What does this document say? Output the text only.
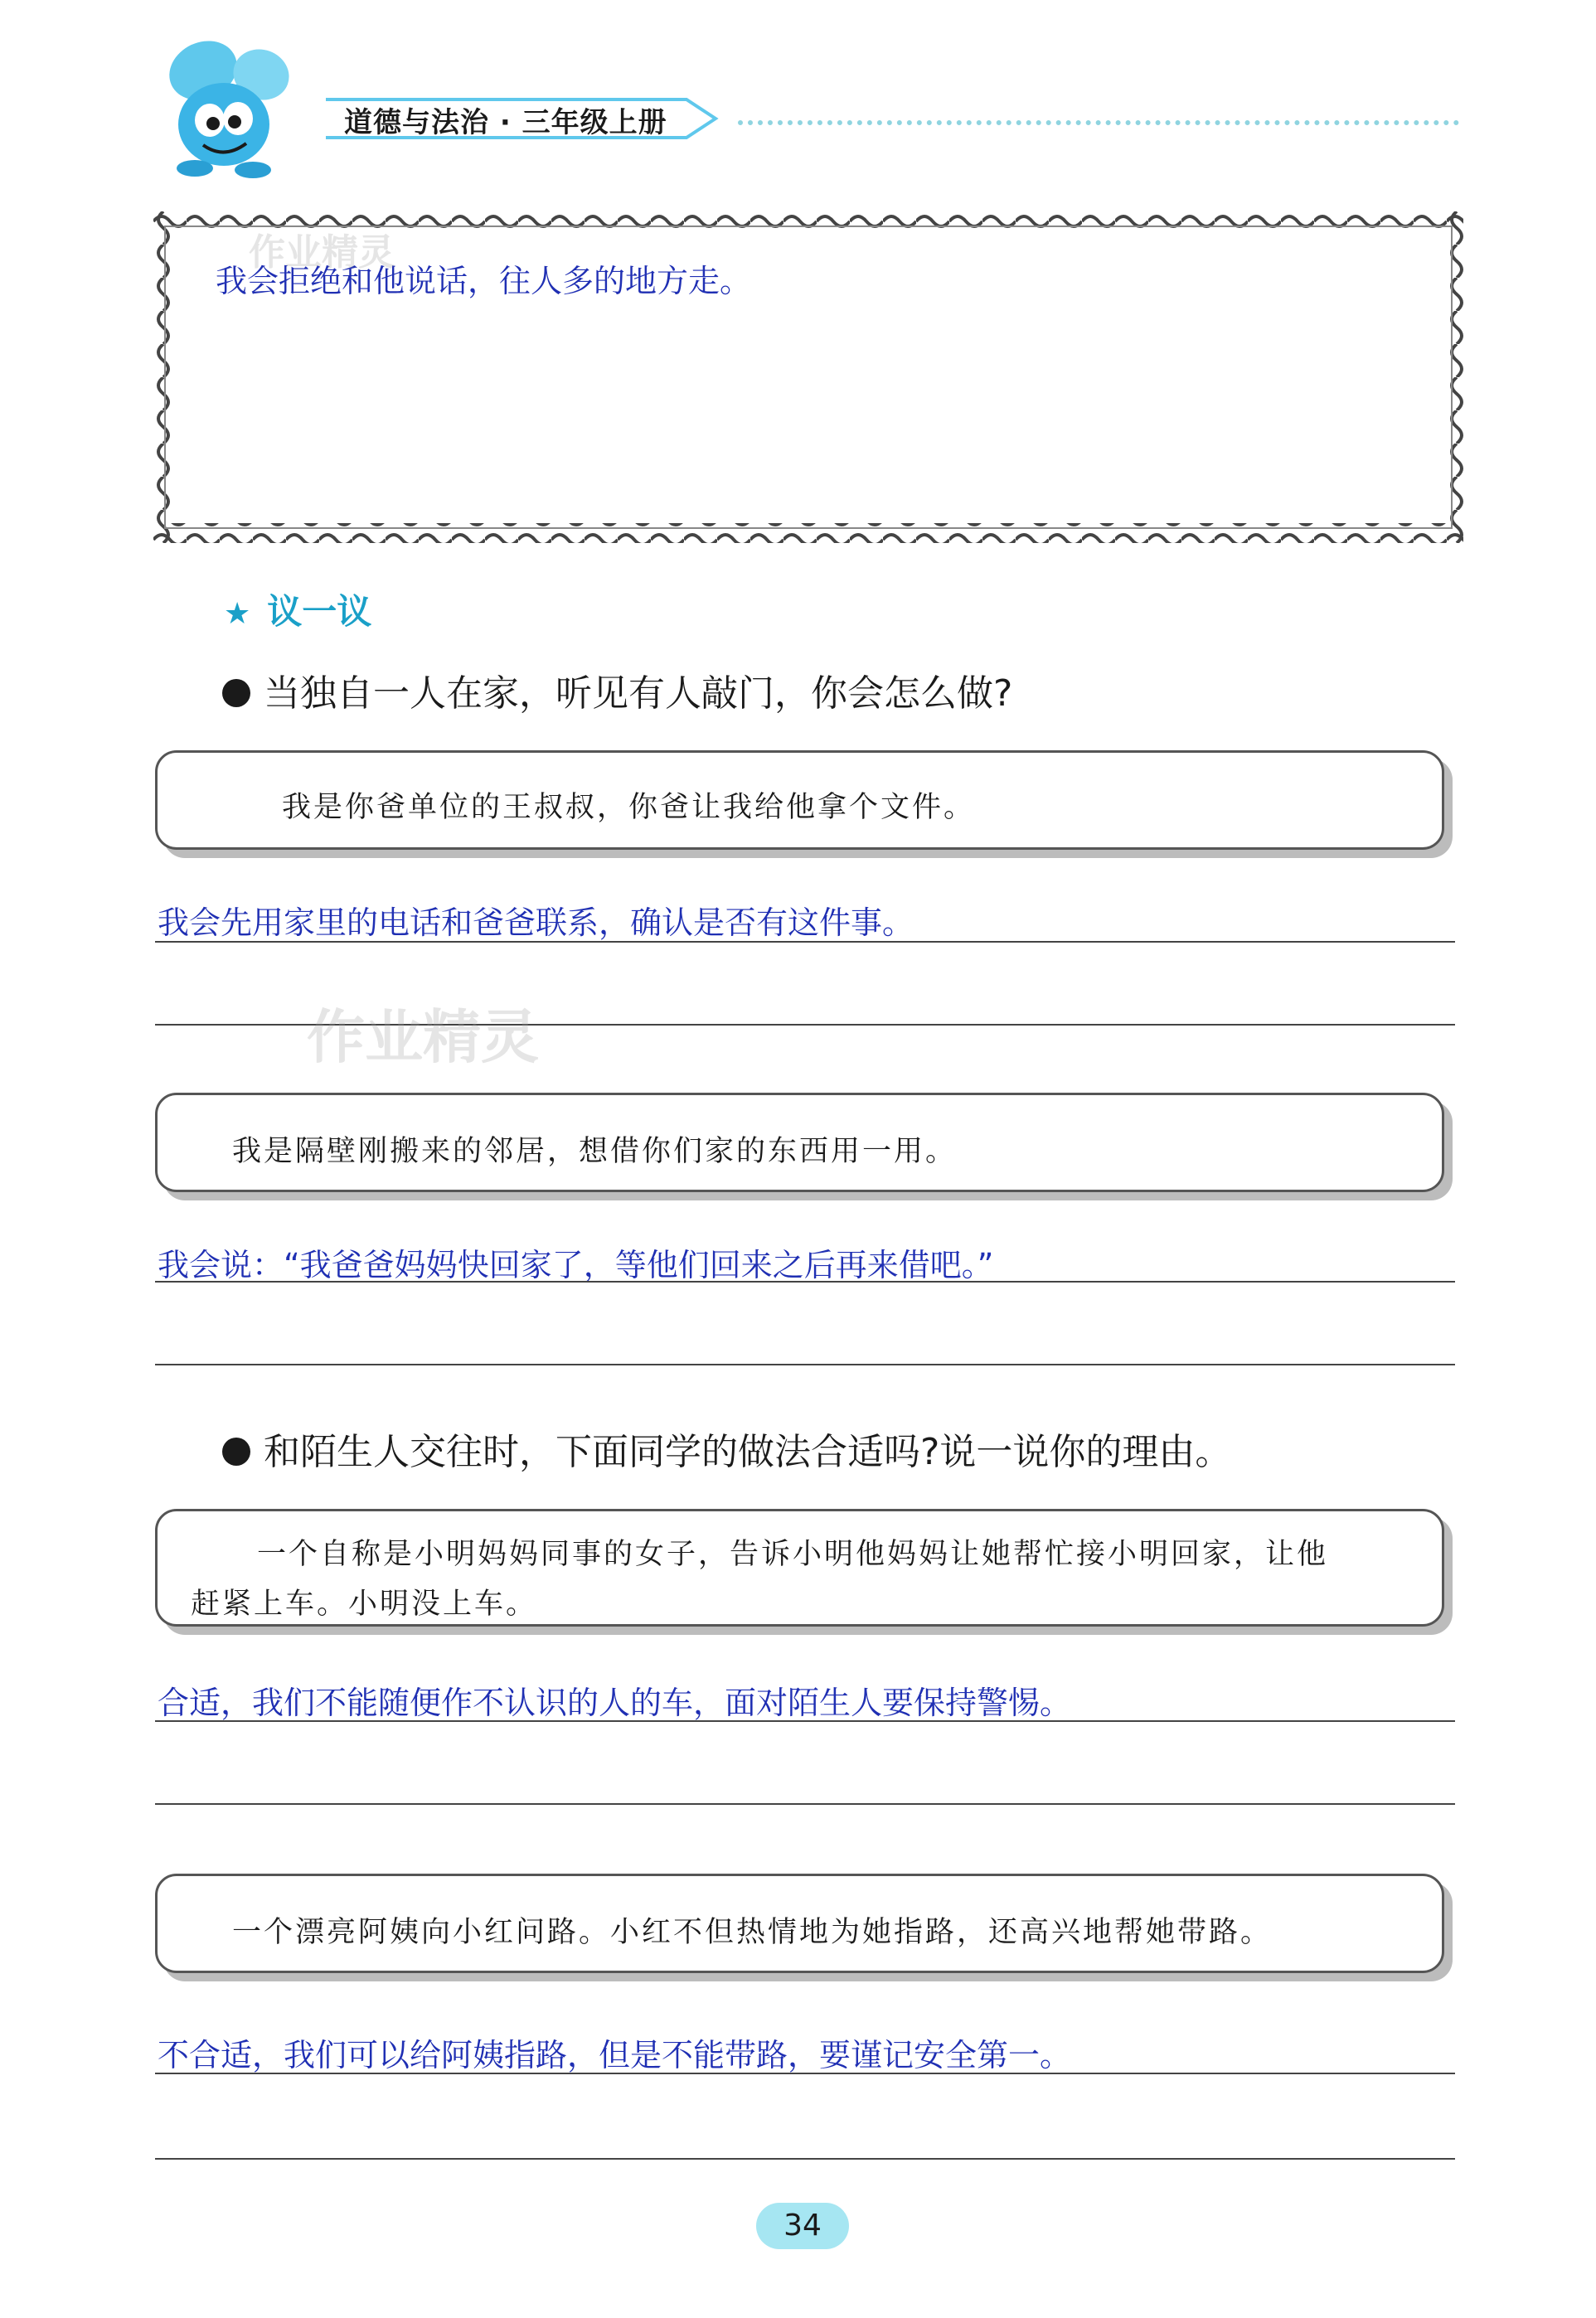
道德与法治 · 三年级上册
我会拒绝和他说话，往人多的地方走。
作业精灵
★ 议一议
当独自一人在家，听见有人敲门，你会怎么做?
我是你爸单位的王叔叔，你爸让我给他拿个文件。
我会先用家里的电话和爸爸联系，确认是否有这件事。
作业精灵
我是隔壁刚搬来的邻居，想借你们家的东西用一用。
我会说：“我爸爸妈妈快回家了，等他们回来之后再来借吧。”
和陌生人交往时，下面同学的做法合适吗?说一说你的理由。
一个自称是小明妈妈同事的女子，告诉小明他妈妈让她帮忙接小明回家，让他
赶紧上车。小明没上车。
合适，我们不能随便作不认识的人的车，面对陌生人要保持警惕。
一个漂亮阿姨向小红问路。小红不但热情地为她指路，还高兴地帮她带路。
不合适，我们可以给阿姨指路，但是不能带路，要谨记安全第一。
34
